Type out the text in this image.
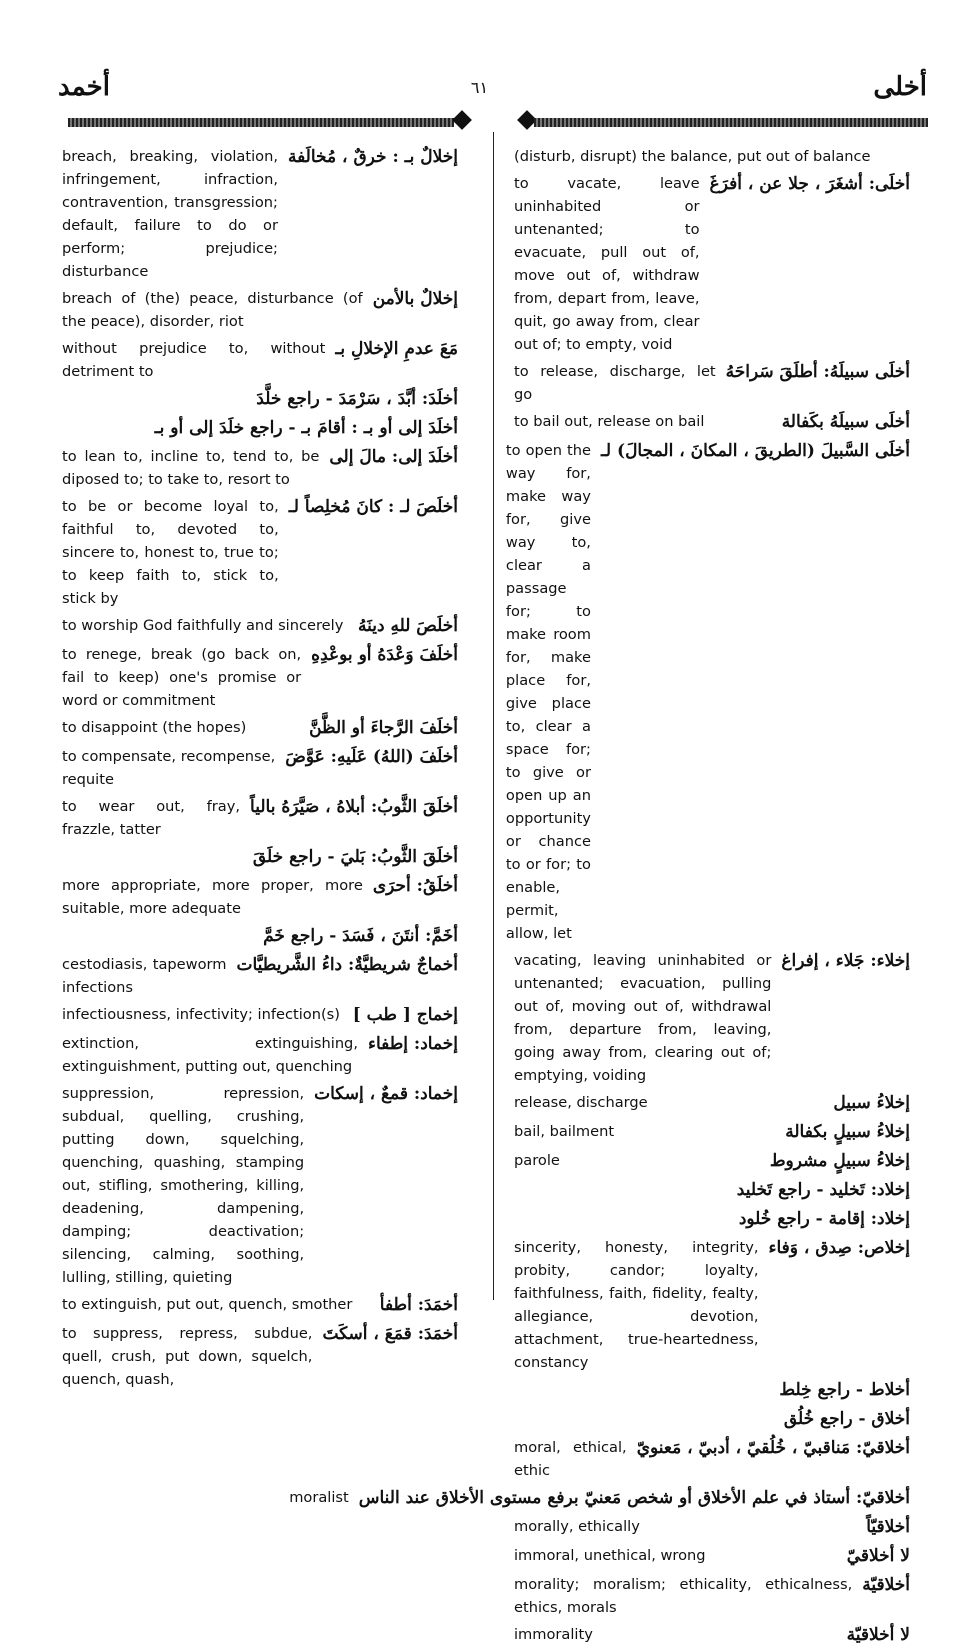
أخمد	٦١	أخلى
إخلالٌ بـ : خرقٌ ، مُخالَفة
breach, breaking, violation, infringement, infraction, contravention, transgression; default, failure to do or perform; prejudice; disturbance
إخلالٌ بالأمن
breach of (the) peace, disturbance (of the peace), disorder, riot
مَعَ عدمِ الإخلالِ بـ
without prejudice to, without detriment to
أخلَدَ: أبَّدَ ، سَرْمَدَ - راجع خلَّدَ
أخلَدَ إلى أو بـ : أقامَ بـ - راجع خلَدَ إلى أو بـ
أخلَدَ إلى: مالَ إلى
to lean to, incline to, tend to, be diposed to; to take to, resort to
أخلَصَ لـ : كانَ مُخلِصاً لـ
to be or become loyal to, faithful to, devoted to, sincere to, honest to, true to; to keep faith to, stick to, stick by
أخلَصَ للهِ دينَهُ
to worship God faithfully and sincerely
أخلَفَ وَعْدَهُ أو بوعْدِهِ
to renege, break (go back on, fail to keep) one's promise or word or commitment
أخلَفَ الرَّجاءَ أو الظَّنَّ
to disappoint (the hopes)
أخلَفَ (اللهُ) عَلَيهِ: عَوَّضَ
to compensate, recompense, requite
أخلَقَ الثَّوبُ: أبلاهُ ، صَيَّرَهُ بالياً
to wear out, fray, frazzle, tatter
أخلَقَ الثَّوبُ: بَليَ - راجع خلَقَ
أخلَقُ: أحرَى
more appropriate, more proper, more suitable, more adequate
أخَمَّ: أنتَنَ ، فَسَدَ - راجع خَمَّ
أخماجٌ شريطيَّةٌ: داءُ الشَّريطيَّات
cestodiasis, tapeworm infections
إخماج [ طب ]
infectiousness, infectivity; infection(s)
إخماد: إطفاء
extinction, extinguishing, extinguishment, putting out, quenching
إخماد: قمعٌ ، إسكات
suppression, repression, subdual, quelling, crushing, putting down, squelching, quenching, quashing, stamping out, stifling, smothering, killing, deadening, dampening, damping; deactivation; silencing, calming, soothing, lulling, stilling, quieting
أخمَدَ: أطفأ
to extinguish, put out, quench, smother
أخمَدَ: قمَعَ ، أسكَتَ
to suppress, repress, subdue, quell, crush, put down, squelch, quench, quash,
(disturb, disrupt) the balance, put out of balance
أخلَى: أشغَرَ ، جلا عن ، أفرَغَ
to vacate, leave uninhabited or untenanted; to evacuate, pull out of, move out of, withdraw from, depart from, leave, quit, go away from, clear out of; to empty, void
أخلَى سبيلَهُ: أطلَقَ سَراحَهُ
to release, discharge, let go
أخلَى سبيلَهُ بكَفالة
to bail out, release on bail
أخلَى السَّبيلَ (الطريقَ ، المكانَ ، المجالَ) لـ
to open the way for, make way for, give way to, clear a passage for; to make room for, make place for, give place to, clear a space for; to give or open up an opportunity or chance to or for; to enable, permit, allow, let
إخلاء: جَلاء ، إفراغ
vacating, leaving uninhabited or untenanted; evacuation, pulling out of, moving out of, withdrawal from, departure from, leaving, going away from, clearing out of; emptying, voiding
إخلاءُ سبيل
release, discharge
إخلاءُ سبيلٍ بكفالة
bail, bailment
إخلاءُ سبيلٍ مشروط
parole
إخلاد: تَخليد - راجع تَخليد
إخلاد: إقامة - راجع خُلود
إخلاص: صِدق ، وَفاء
sincerity, honesty, integrity, probity, candor; loyalty, faithfulness, faith, fidelity, fealty, allegiance, devotion, attachment, true-heartedness, constancy
أخلاط - راجع خِلط
أخلاق - راجع خُلُق
أخلاقيّ: مَناقبيّ ، خُلُقيّ ، أدبيّ ، مَعنويّ
moral, ethical, ethic
أخلاقيّ: أستاذ في علم الأخلاق أو شخص مَعنيّ برفع مستوى الأخلاق عند الناس
moralist
أخلاقيّاً
morally, ethically
لا أخلاقيّ
immoral, unethical, wrong
أخلاقيّة
morality; moralism; ethicality, ethicalness, ethics, morals
لا أخلاقيّة
immorality
